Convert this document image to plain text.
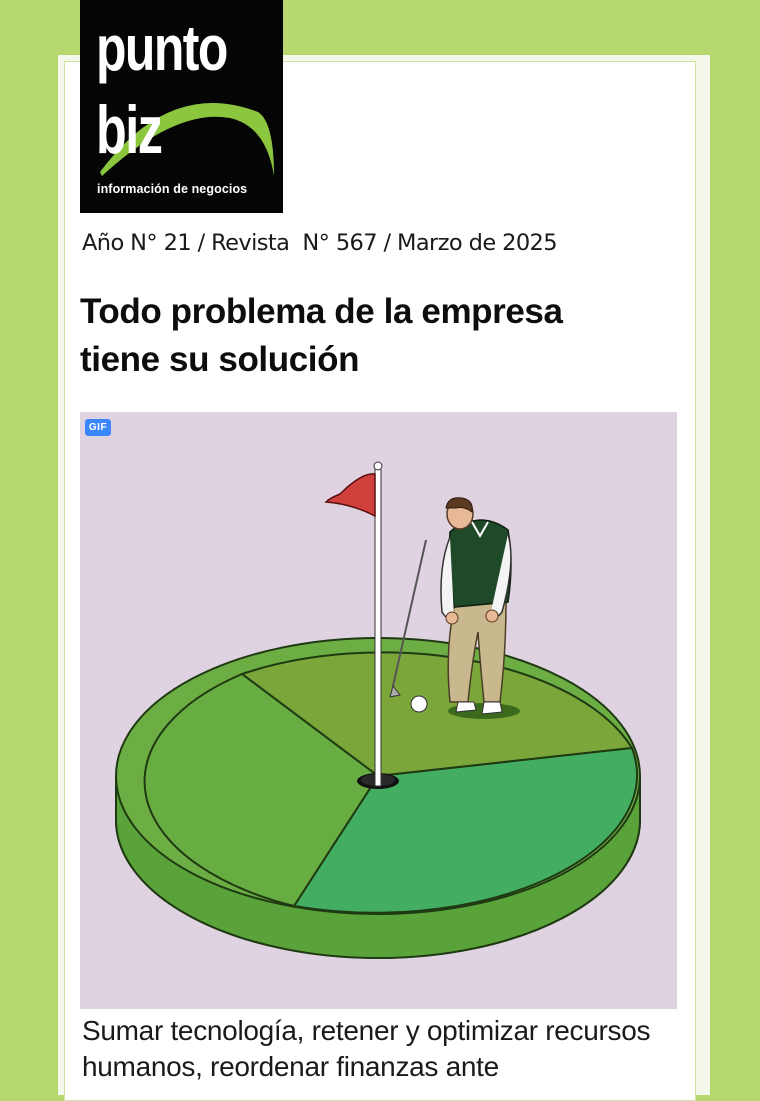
punto
biz
información de negocios
Año N° 21 / Revista  N° 567 / Marzo de 2025
Todo problema de la empresa tiene su solución
GIF
Sumar tecnología, retener y optimizar recursos humanos, reordenar finanzas ante
